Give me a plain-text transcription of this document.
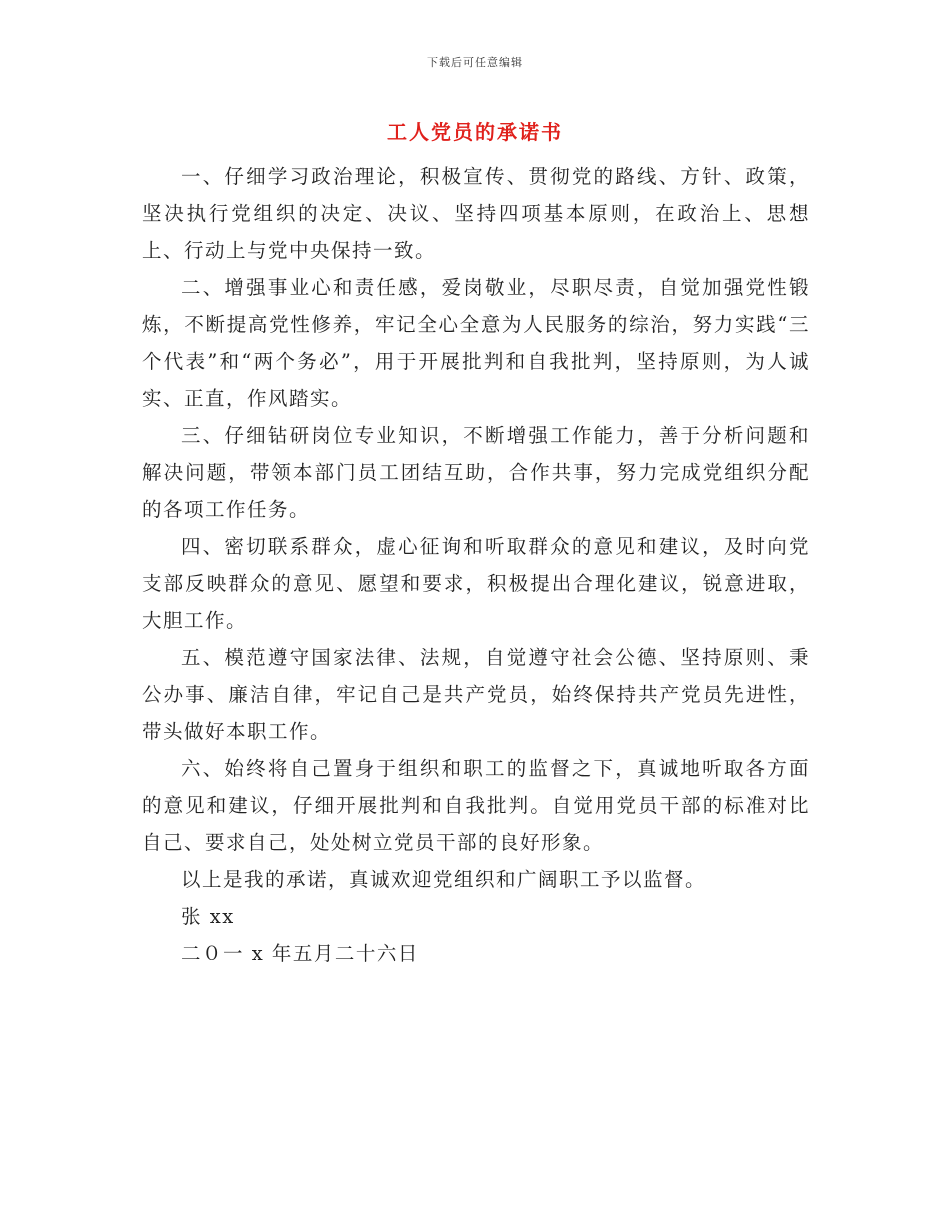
下载后可任意编辑
工人党员的承诺书

一、仔细学习政治理论，积极宣传、贯彻党的路线、方针、政策，坚决执行党组织的决定、决议、坚持四项基本原则，在政治上、思想上、行动上与党中央保持一致。

二、增强事业心和责任感，爱岗敬业，尽职尽责，自觉加强党性锻炼，不断提高党性修养，牢记全心全意为人民服务的综治，努力实践“三个代表”和“两个务必”，用于开展批判和自我批判，坚持原则，为人诚实、正直，作风踏实。

三、仔细钻研岗位专业知识，不断增强工作能力，善于分析问题和解决问题，带领本部门员工团结互助，合作共事，努力完成党组织分配的各项工作任务。

四、密切联系群众，虚心征询和听取群众的意见和建议，及时向党支部反映群众的意见、愿望和要求，积极提出合理化建议，锐意进取，大胆工作。

五、模范遵守国家法律、法规，自觉遵守社会公德、坚持原则、秉公办事、廉洁自律，牢记自己是共产党员，始终保持共产党员先进性，带头做好本职工作。

六、始终将自己置身于组织和职工的监督之下，真诚地听取各方面的意见和建议，仔细开展批判和自我批判。自觉用党员干部的标准对比自己、要求自己，处处树立党员干部的良好形象。

以上是我的承诺，真诚欢迎党组织和广阔职工予以监督。

张 xx

二０一 x 年五月二十六日
